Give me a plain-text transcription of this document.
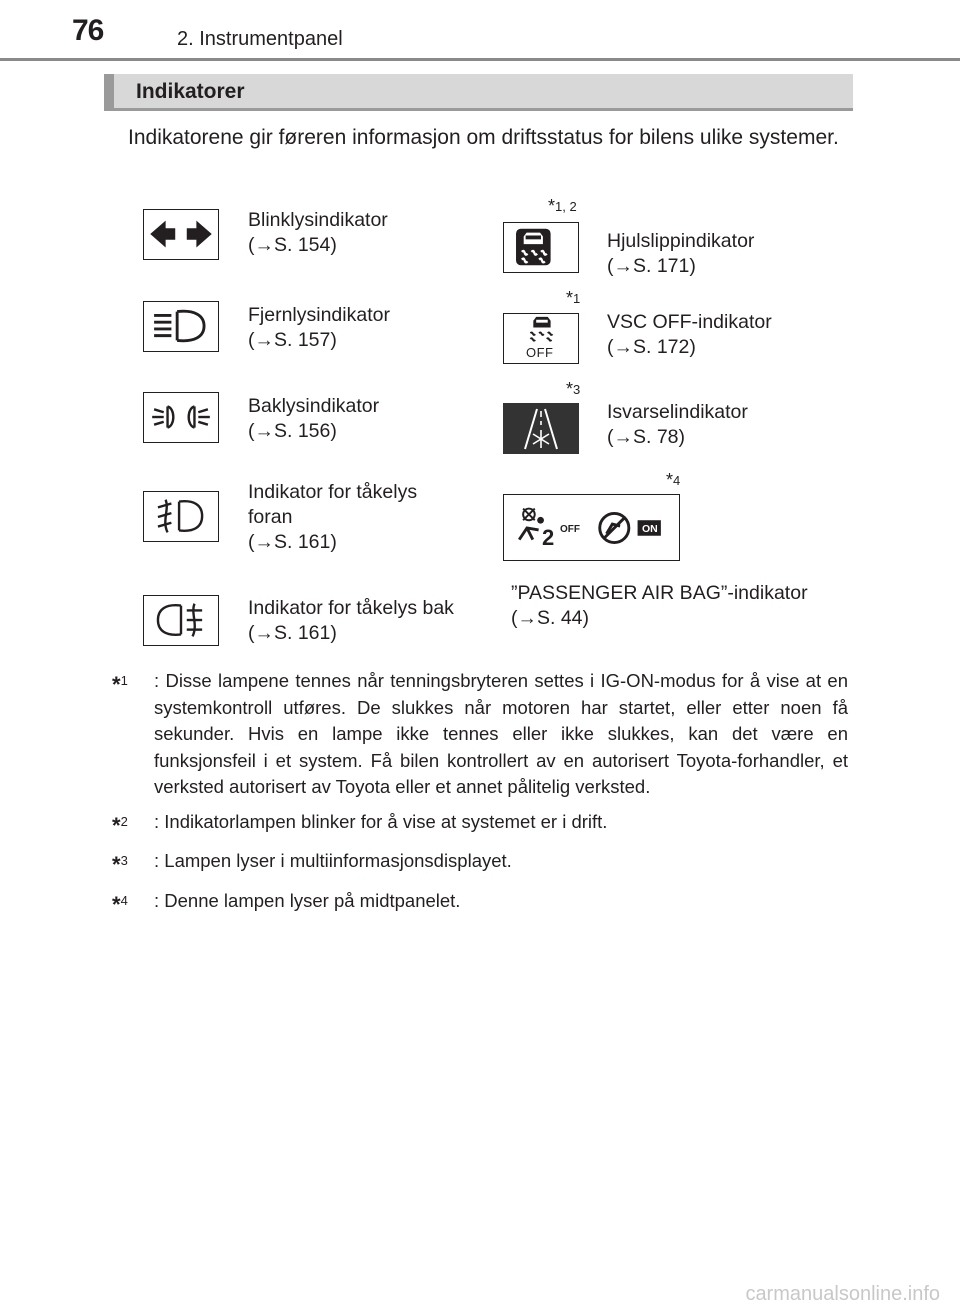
76	2. Instrumentpanel
Indikatorer
Indikatorene gir føreren informasjon om driftsstatus for bilens ulike systemer.
Blinklysindikator
(→S. 154)
Fjernlysindikator
(→S. 157)
Baklysindikator
(→S. 156)
Indikator for tåkelys
foran
(→S. 161)
Indikator for tåkelys bak
(→S. 161)
*$^{1, 2}$
Hjulslippindikator
(→S. 171)
*$^1$
OFF
VSC OFF-indikator
(→S. 172)
*$^3$
Isvarselindikator
(→S. 78)
*$^4$
2 OFF	ON
”PASSENGER AIR BAG”-indikator
(→S. 44)
*$^1$	: Disse lampene tennes når tenningsbryteren settes i IG-ON-modus for å vise at en systemkontroll utføres. De slukkes når motoren har startet, eller etter noen få sekunder. Hvis en lampe ikke tennes eller ikke slukkes, kan det være en funksjonsfeil i et system. Få bilen kontrollert av en autorisert Toyota-forhandler, et verksted autorisert av Toyota eller et annet pålitelig verksted.
*$^2$	: Indikatorlampen blinker for å vise at systemet er i drift.
*$^3$	: Lampen lyser i multiinformasjonsdisplayet.
*$^4$	: Denne lampen lyser på midtpanelet.
carmanualsonline.info
